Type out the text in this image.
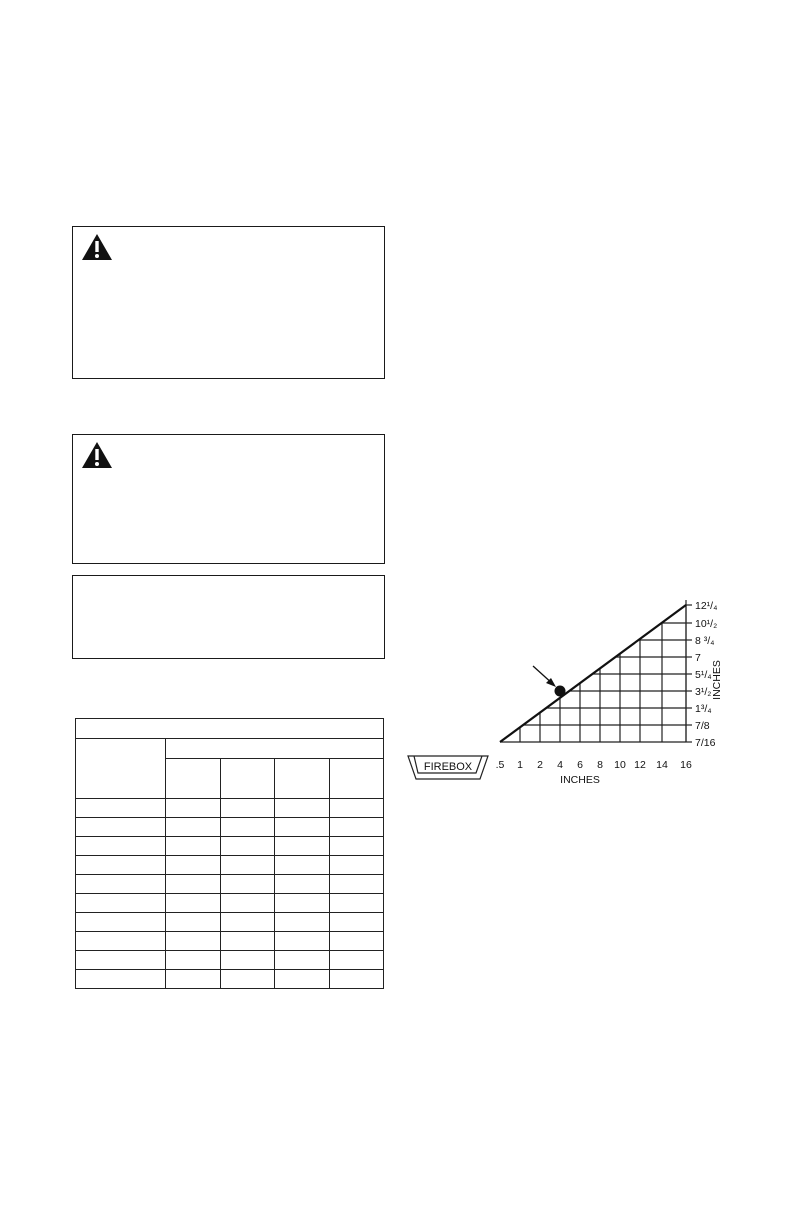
FIREBOX .5 1 2 4 6 8 10 12 14 16
12¹/₄
10¹/₂
8 ³/₄
7
5¹/₄
3¹/₂
1³/₄
7/8
7/16
INCHES
INCHES
